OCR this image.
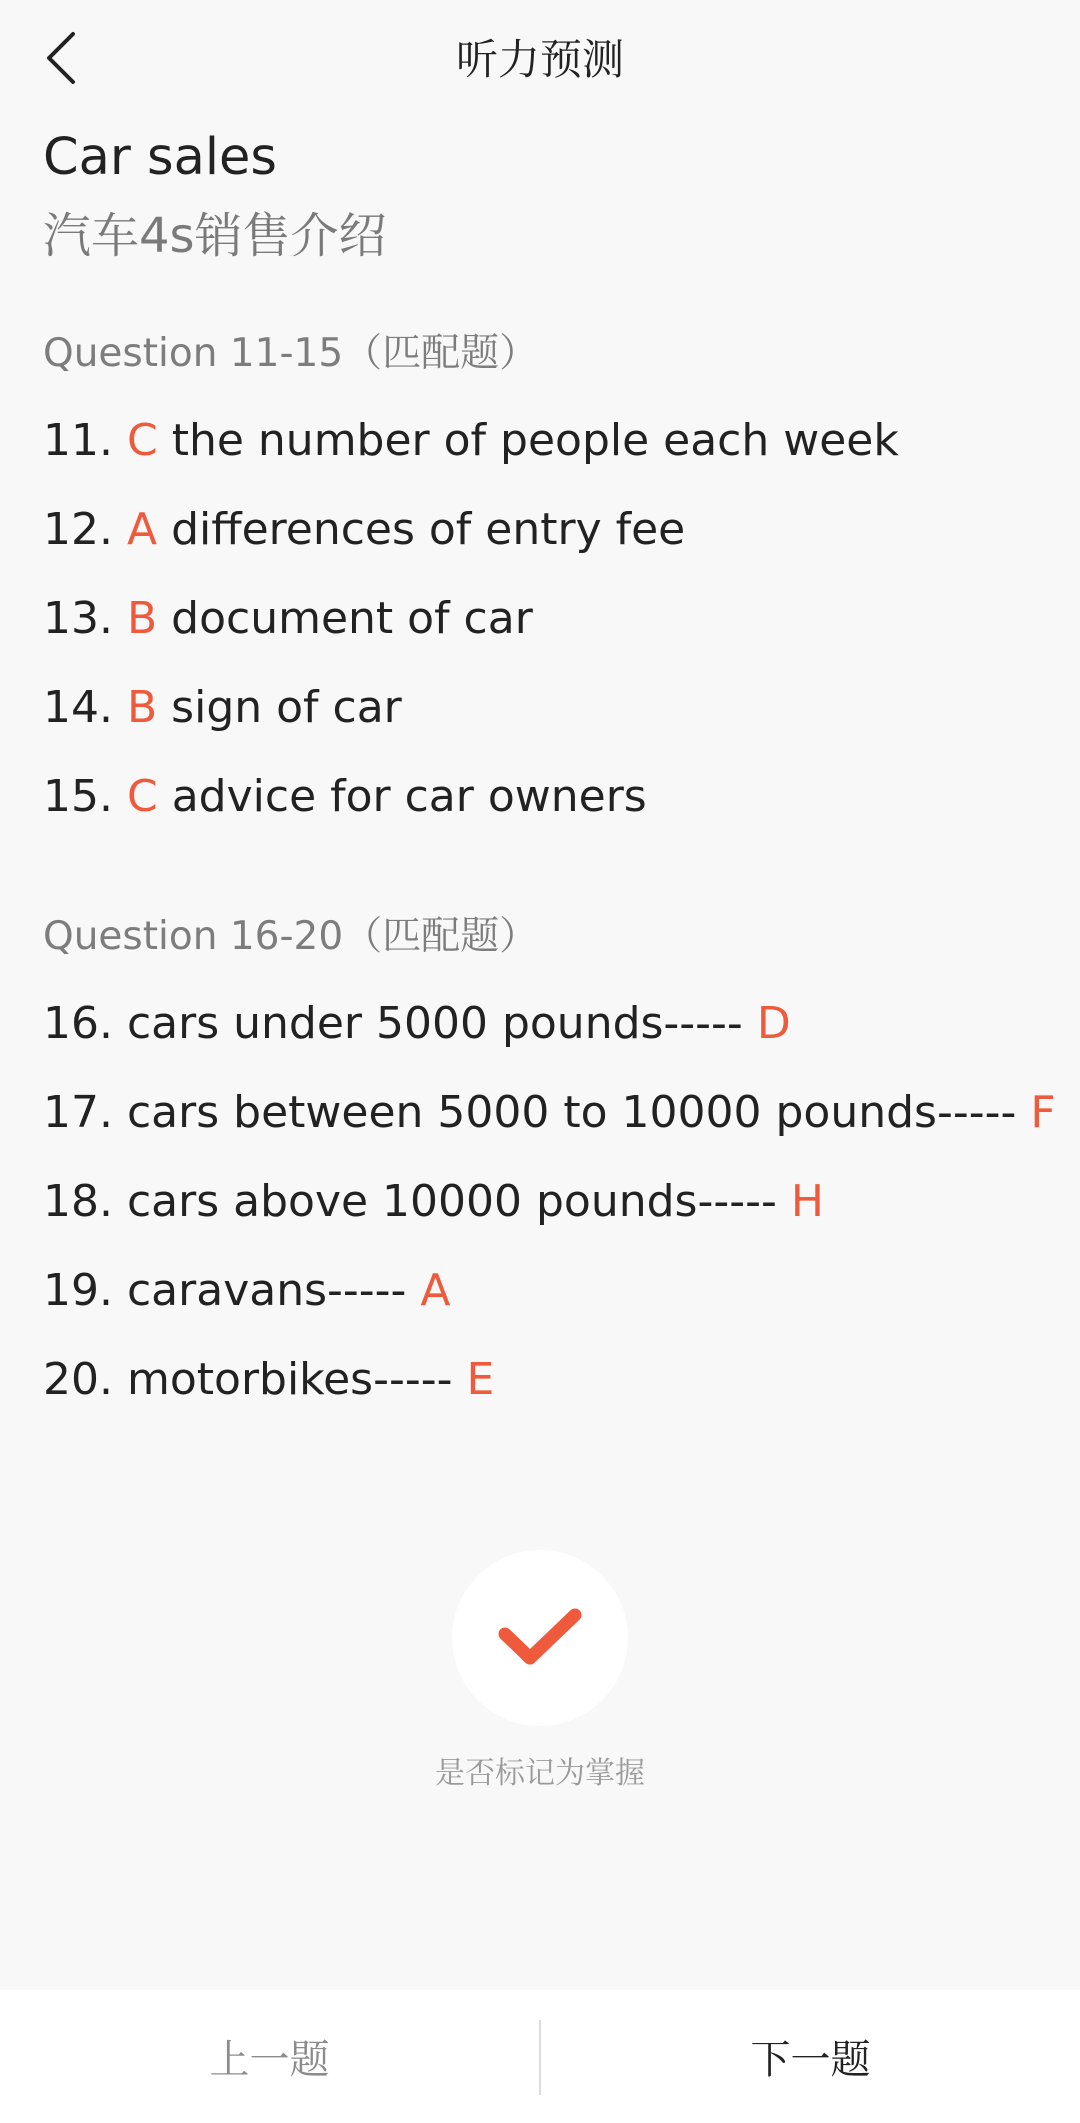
听力预测
Car sales
汽车4s销售介绍
Question 11-15（匹配题）
11. C the number of people each week
12. A differences of entry fee
13. B document of car
14. B sign of car
15. C advice for car owners
Question 16-20（匹配题）
16. cars under 5000 pounds----- D
17. cars between 5000 to 10000 pounds----- F
18. cars above 10000 pounds----- H
19. caravans----- A
20. motorbikes----- E
是否标记为掌握
上一题	下一题
